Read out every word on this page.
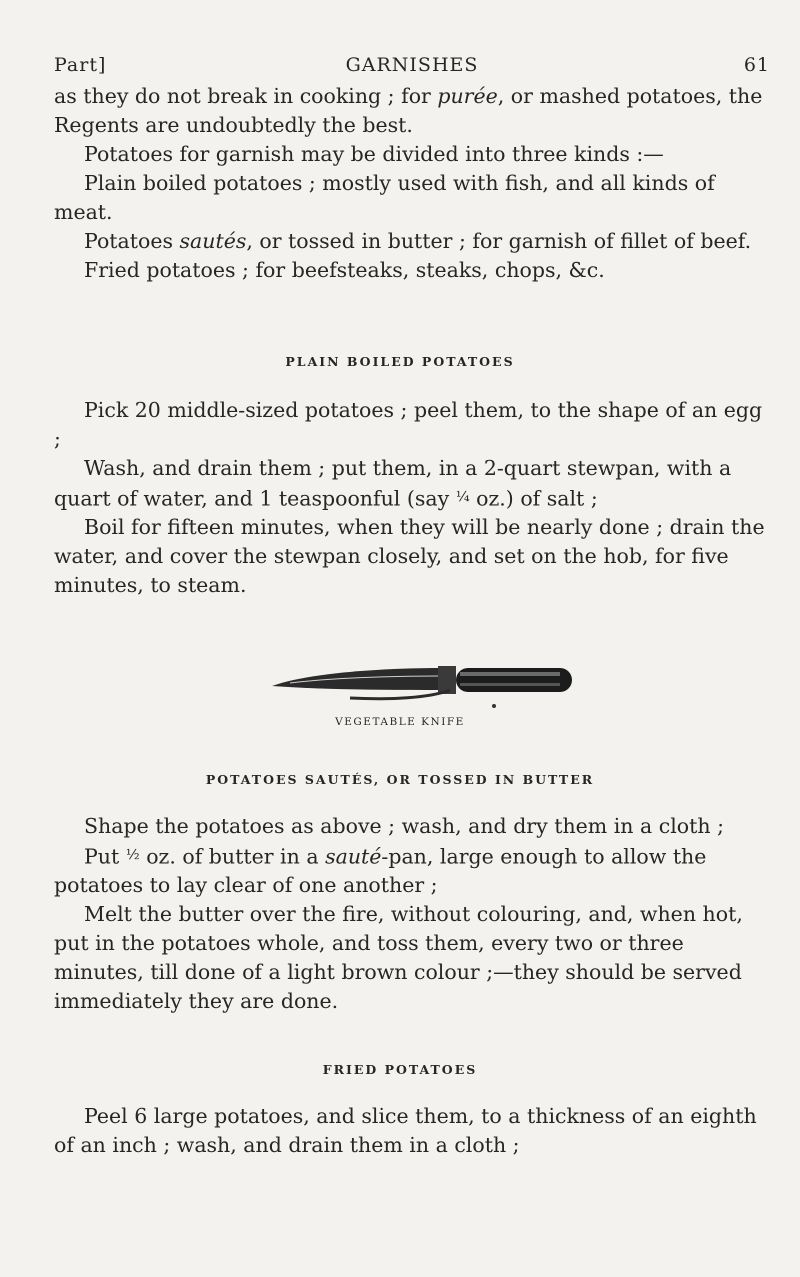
Part]	GARNISHES	61

as they do not break in cooking ; for purée, or mashed potatoes, the Regents are undoubtedly the best.

Potatoes for garnish may be divided into three kinds :—

Plain boiled potatoes ; mostly used with fish, and all kinds of meat.

Potatoes sautés, or tossed in butter ; for garnish of fillet of beef.

Fried potatoes ; for beefsteaks, steaks, chops, &c.

PLAIN BOILED POTATOES

Pick 20 middle-sized potatoes ; peel them, to the shape of an egg ;

Wash, and drain them ; put them, in a 2-quart stewpan, with a quart of water, and 1 teaspoonful (say $^{\frac{1}{4}}$ oz.) of salt ;

Boil for fifteen minutes, when they will be nearly done ; drain the water, and cover the stewpan closely, and set on the hob, for five minutes, to steam.

VEGETABLE KNIFE
POTATOES SAUTÉS, OR TOSSED IN BUTTER

Shape the potatoes as above ; wash, and dry them in a cloth ;

Put $^{\frac{1}{2}}$ oz. of butter in a sauté-pan, large enough to allow the potatoes to lay clear of one another ;

Melt the butter over the fire, without colouring, and, when hot, put in the potatoes whole, and toss them, every two or three minutes, till done of a light brown colour ;—they should be served immediately they are done.

FRIED POTATOES

Peel 6 large potatoes, and slice them, to a thickness of an eighth of an inch ; wash, and drain them in a cloth ;
